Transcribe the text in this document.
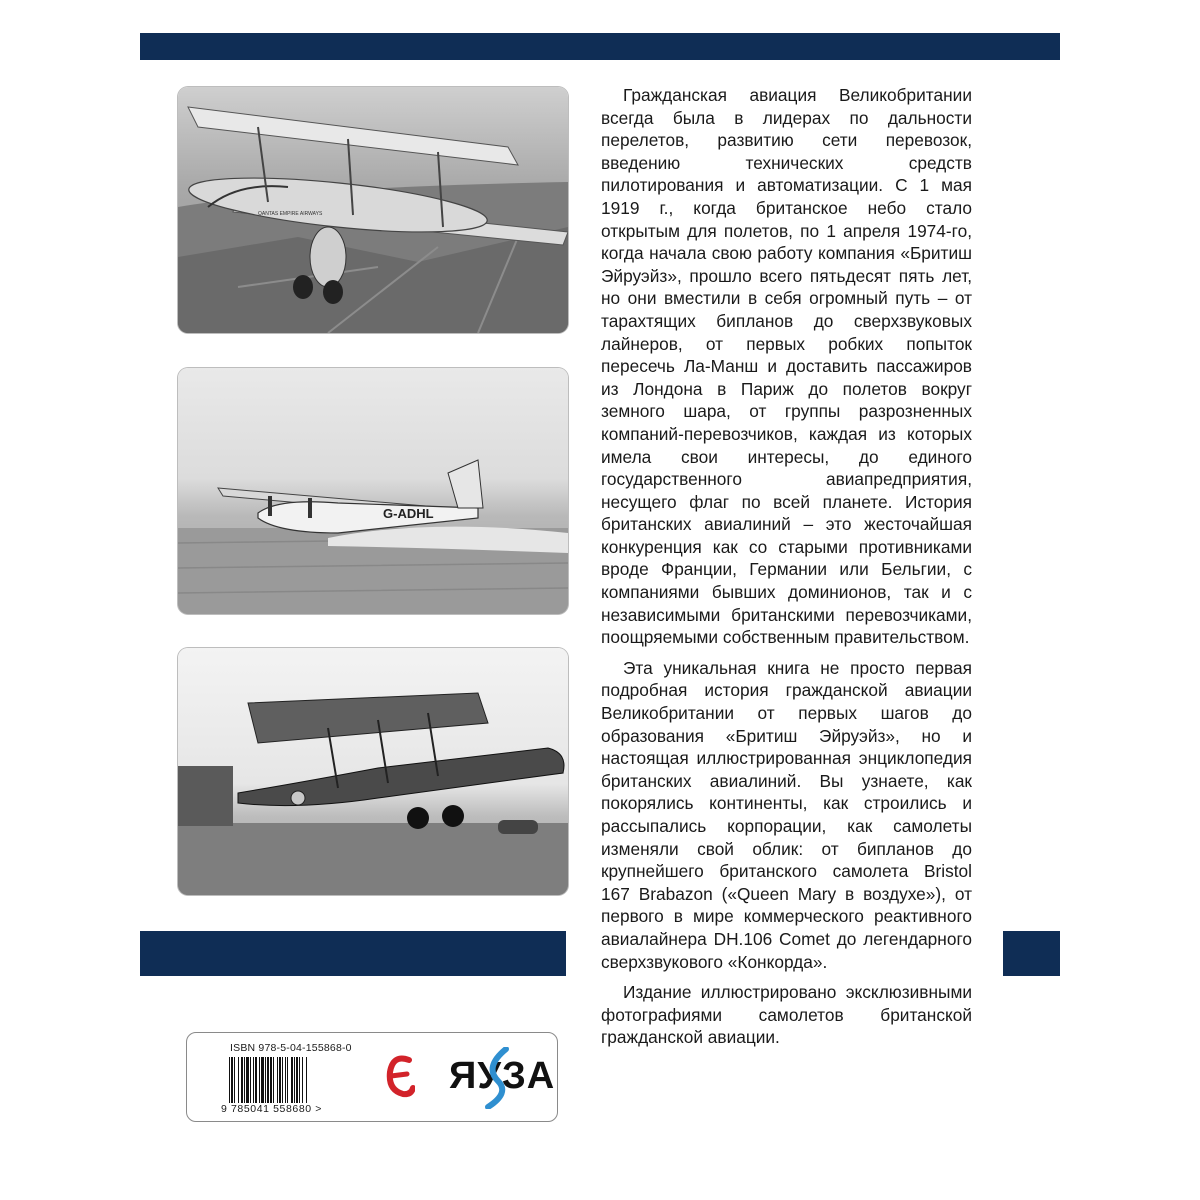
QANTAS EMPIRE AIRWAYS
G-ADHL

Гражданская авиация Великобритании всегда была в лидерах по дальности перелетов, развитию сети перевозок, введению технических средств пилотирования и автоматизации. С 1 мая 1919 г., когда британское небо стало открытым для полетов, по 1 апреля 1974-го, когда начала свою работу компания «Бритиш Эйруэйз», прошло всего пятьдесят пять лет, но они вместили в себя огромный путь – от тарахтящих бипланов до сверхзвуковых лайнеров, от первых робких попыток пересечь Ла-Манш и доставить пассажиров из Лондона в Париж до полетов вокруг земного шара, от группы разрозненных компаний-перевозчиков, каждая из которых имела свои интересы, до единого государственного авиапредприятия, несущего флаг по всей планете. История британских авиалиний – это жесточайшая конкуренция как со старыми противниками вроде Франции, Германии или Бельгии, с компаниями бывших доминионов, так и с независимыми британскими перевозчиками, поощряемыми собственным правительством.

Эта уникальная книга не просто первая подробная история гражданской авиации Великобритании от первых шагов до образования «Бритиш Эйруэйз», но и настоящая иллюстрированная энциклопедия британских авиалиний. Вы узнаете, как покорялись континенты, как строились и рассыпались корпорации, как самолеты изменяли свой облик: от бипланов до крупнейшего британского самолета Bristol 167 Brabazon («Queen Mary в воздухе»), от первого в мире коммерческого реактивного авиалайнера DH.106 Comet до легендарного сверхзвукового «Конкорда».

Издание иллюстрировано эксклюзивными фотографиями самолетов британской гражданской авиации.

ISBN 978-5-04-155868-0
9 785041 558680 >
ЯУЗА
